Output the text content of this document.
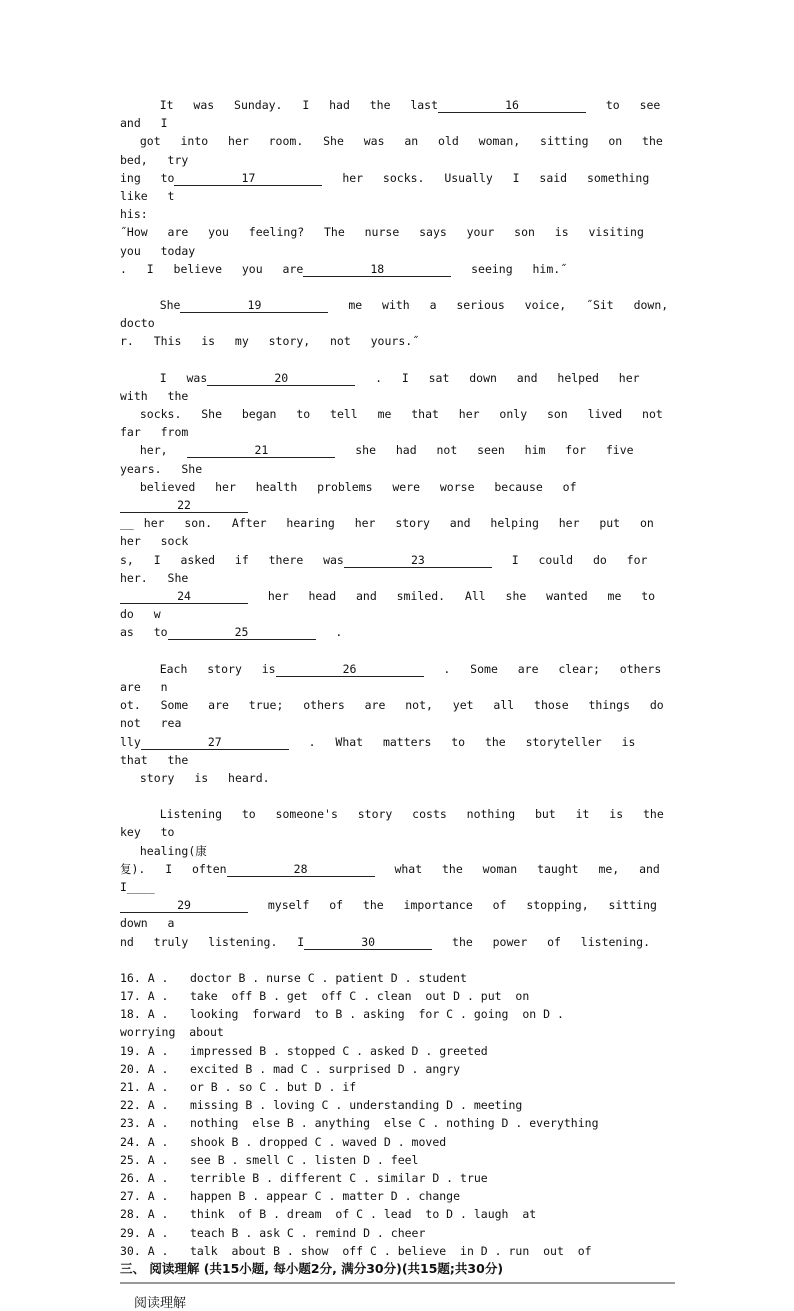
It  was  Sunday.  I  had  the  last	16	to  see  and  I

got  into  her  room.  She  was  an  old  woman,  sitting  on  the  bed,  try

ing  to	17	her  socks.  Usually  I  said  something  like  t

his:

˝How  are  you  feeling?  The  nurse  says  your  son  is  visiting  you  today

.  I  believe  you  are	18	seeing  him.˝

She	19	me  with  a  serious  voice,  ˝Sit  down,  docto

r.  This  is  my  story,  not  yours.˝

I  was	20	.  I  sat  down  and  helped  her  with  the

socks.  She  began  to  tell  me  that  her  only  son  lived  not  far  from

her,	21	she  had  not  seen  him  for  five  years.  She

believed  her  health  problems  were  worse  because  of22

__ her  son.  After  hearing  her  story  and  helping  her  put  on  her  sock

s,  I  asked  if  there  was	23	I  could  do  for  her.  She

24	her  head  and  smiled.  All  she  wanted  me  to  do  w

as  to	25	.

Each  story  is	26	.  Some  are  clear;  others  are  n

ot.  Some  are  true;  others  are  not,  yet  all  those  things  do  not  rea

lly	27	.  What  matters  to  the  storyteller  is  that  the

story  is  heard.

Listening  to  someone's  story  costs  nothing  but  it  is  the  key  to

healing(康

复).  I  often	28	what  the  woman  taught  me,  and  I____

29	myself  of  the  importance  of  stopping,  sitting  down  a

nd  truly  listening.  I	30	the  power  of  listening.

16. A . doctor B . nurse C . patient D . student
17. A . take  off B . get  off C . clean  out D . put  on
18. A . looking  forward  to B . asking  for C . going  on D .
worrying  about
19. A . impressed B . stopped C . asked D . greeted
20. A . excited B . mad C . surprised D . angry
21. A . or B . so C . but D . if
22. A . missing B . loving C . understanding D . meeting
23. A . nothing  else B . anything  else C . nothing D . everything
24. A . shook B . dropped C . waved D . moved
25. A . see B . smell C . listen D . feel
26. A . terrible B . different C . similar D . true
27. A . happen B . appear C . matter D . change
28. A . think  of B . dream  of C . lead  to D . laugh  at
29. A . teach B . ask C . remind D . cheer
30. A . talk  about B . show  off C . believe  in D . run  out  of
三、 阅读理解 (共15小题, 每小题2分, 满分30分)(共15题;共30分)
阅读理解
